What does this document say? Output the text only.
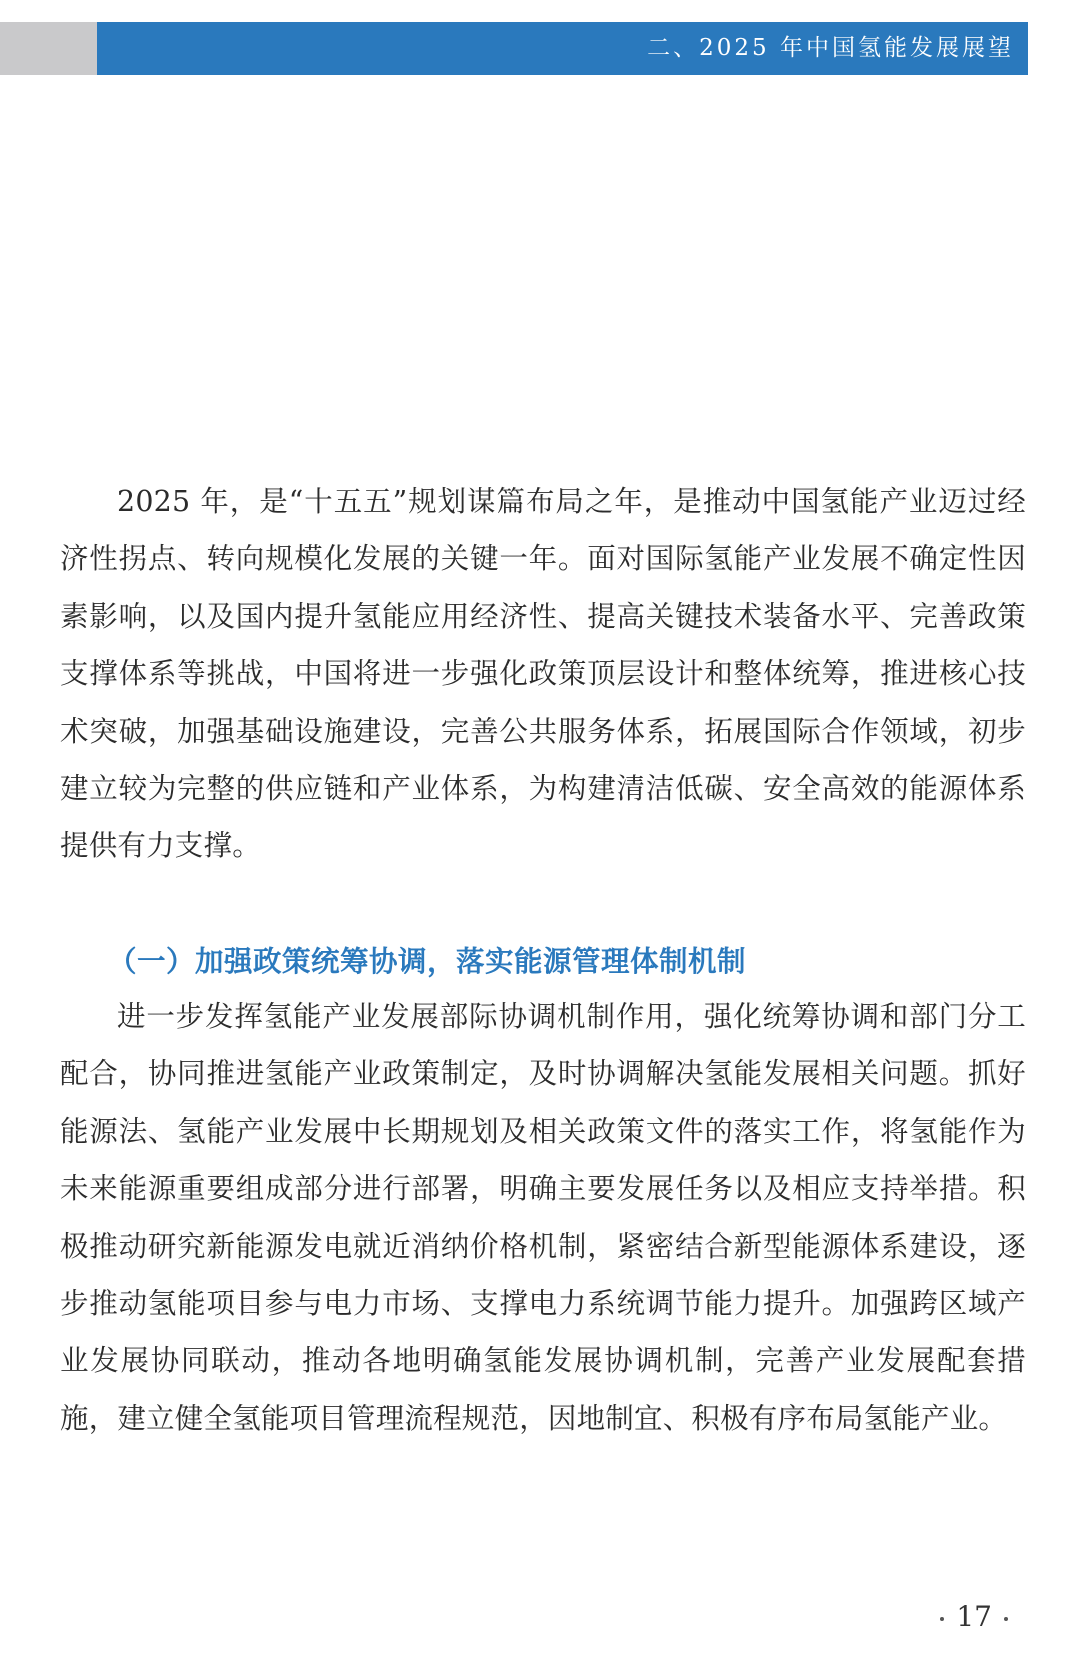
二、2025 年中国氢能发展展望

2025 年，是“十五五”规划谋篇布局之年，是推动中国氢能产业迈过经济性拐点、转向规模化发展的关键一年。面对国际氢能产业发展不确定性因素影响，以及国内提升氢能应用经济性、提高关键技术装备水平、完善政策支撑体系等挑战，中国将进一步强化政策顶层设计和整体统筹，推进核心技术突破，加强基础设施建设，完善公共服务体系，拓展国际合作领域，初步建立较为完整的供应链和产业体系，为构建清洁低碳、安全高效的能源体系提供有力支撑。

（一）加强政策统筹协调，落实能源管理体制机制

进一步发挥氢能产业发展部际协调机制作用，强化统筹协调和部门分工配合，协同推进氢能产业政策制定，及时协调解决氢能发展相关问题。抓好能源法、氢能产业发展中长期规划及相关政策文件的落实工作，将氢能作为未来能源重要组成部分进行部署，明确主要发展任务以及相应支持举措。积极推动研究新能源发电就近消纳价格机制，紧密结合新型能源体系建设，逐步推动氢能项目参与电力市场、支撑电力系统调节能力提升。加强跨区域产业发展协同联动，推动各地明确氢能发展协调机制，完善产业发展配套措施，建立健全氢能项目管理流程规范，因地制宜、积极有序布局氢能产业。

17
